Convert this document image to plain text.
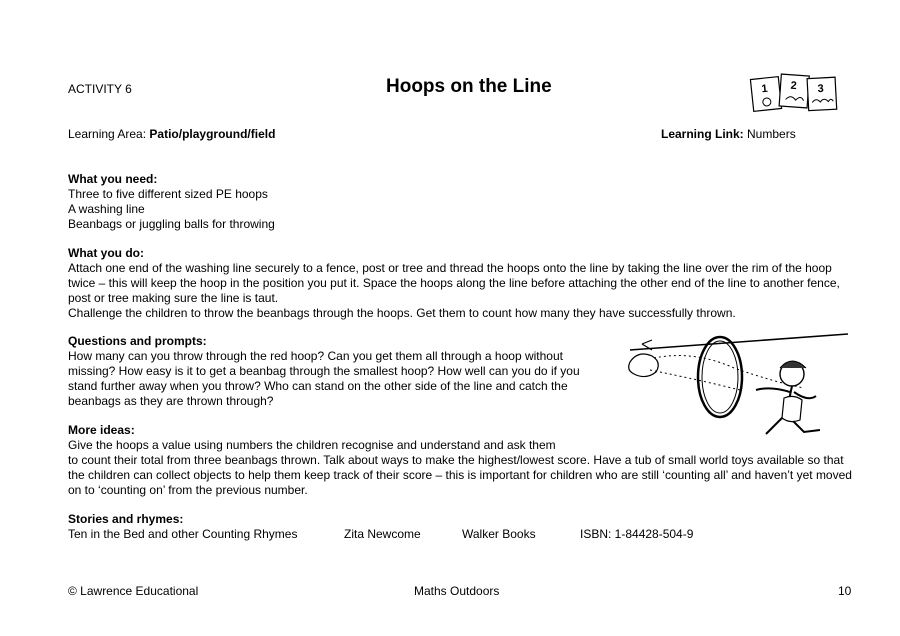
ACTIVITY 6	Hoops on the Line	1 2 3
Learning Area: Patio/playground/field	Learning Link: Numbers

What you need:

Three to five different sized PE hoops

A washing line

Beanbags or juggling balls for throwing

What you do:

Attach one end of the washing line securely to a fence, post or tree and thread the hoops onto the line by taking the line over the rim of the hoop twice – this will keep the hoop in the position you put it. Space the hoops along the line before attaching the other end of the line to another fence, post or tree making sure the line is taut.

Challenge the children to throw the beanbags through the hoops. Get them to count how many they have successfully thrown.

Questions and prompts:

How many can you throw through the red hoop? Can you get them all through a hoop without missing? How easy is it to get a beanbag through the smallest hoop? How well can you do if you stand further away when you throw? Who can stand on the other side of the line and catch the beanbags as they are thrown through?

More ideas:

Give the hoops a value using numbers the children recognise and understand and ask them

to count their total from three beanbags thrown. Talk about ways to make the highest/lowest score. Have a tub of small world toys available so that the children can collect objects to help them keep track of their score – this is important for children who are still ‘counting all’ and haven’t yet moved on to ‘counting on’ from the previous number.

Stories and rhymes:

Ten in the Bed and other Counting Rhymes	Zita Newcome	Walker Books	ISBN: 1-84428-504-9

© Lawrence Educational	Maths Outdoors	10
